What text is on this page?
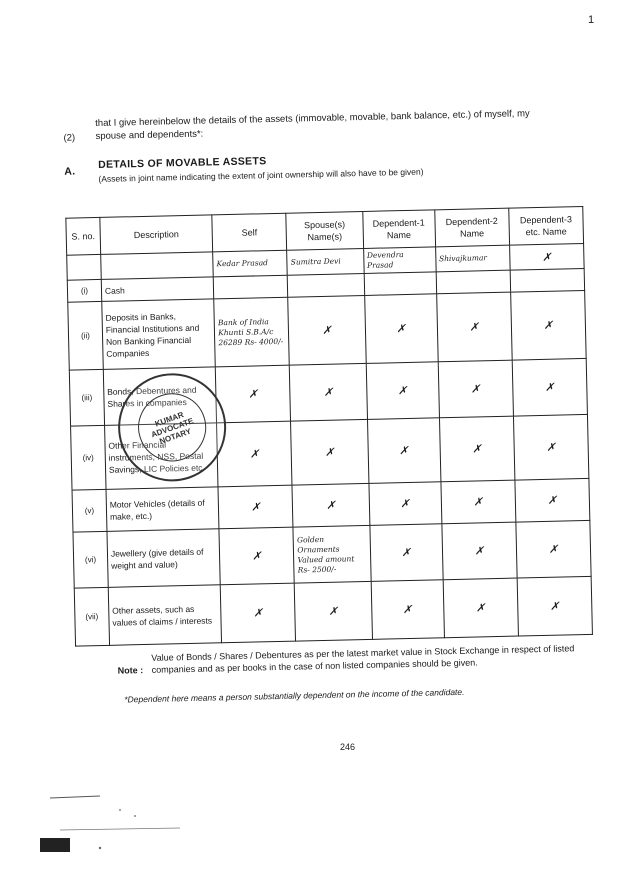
1
(2)
that I give hereinbelow the details of the assets (immovable, movable, bank balance, etc.) of myself, my spouse and dependents*:
A.
DETAILS OF MOVABLE ASSETS
(Assets in joint name indicating the extent of joint ownership will also have to be given)
S. no.	Description	Self	Spouse(s) Name(s)	Dependent-1 Name	Dependent-2 Name	Dependent-3 etc. Name
		Kedar Prasad	Sumitra Devi	Devendra Prasad	Shivajkumar	✗
(i)	Cash					
(ii)	Deposits in Banks, Financial Institutions and Non Banking Financial Companies	Bank of India Khunti S.B.A/c 26289 Rs- 4000/-	✗	✗	✗	✗
(iii)	Bonds, Debentures and Shares in companies	✗	✗	✗	✗	✗
(iv)	Other Financial instruments, NSS, Postal Savings, LIC Policies etc.	✗	✗	✗	✗	✗
(v)	Motor Vehicles (details of make, etc.)	✗	✗	✗	✗	✗
(vi)	Jewellery (give details of weight and value)	✗	Golden Ornaments Valued amount Rs- 2500/-	✗	✗	✗
(vii)	Other assets, such as values of claims / interests	✗	✗	✗	✗	✗
KUMAR ADVOCATE NOTARY
Note :
Value of Bonds / Shares / Debentures as per the latest market value in Stock Exchange in respect of listed companies and as per books in the case of non listed companies should be given.
*Dependent here means a person substantially dependent on the income of the candidate.
246
